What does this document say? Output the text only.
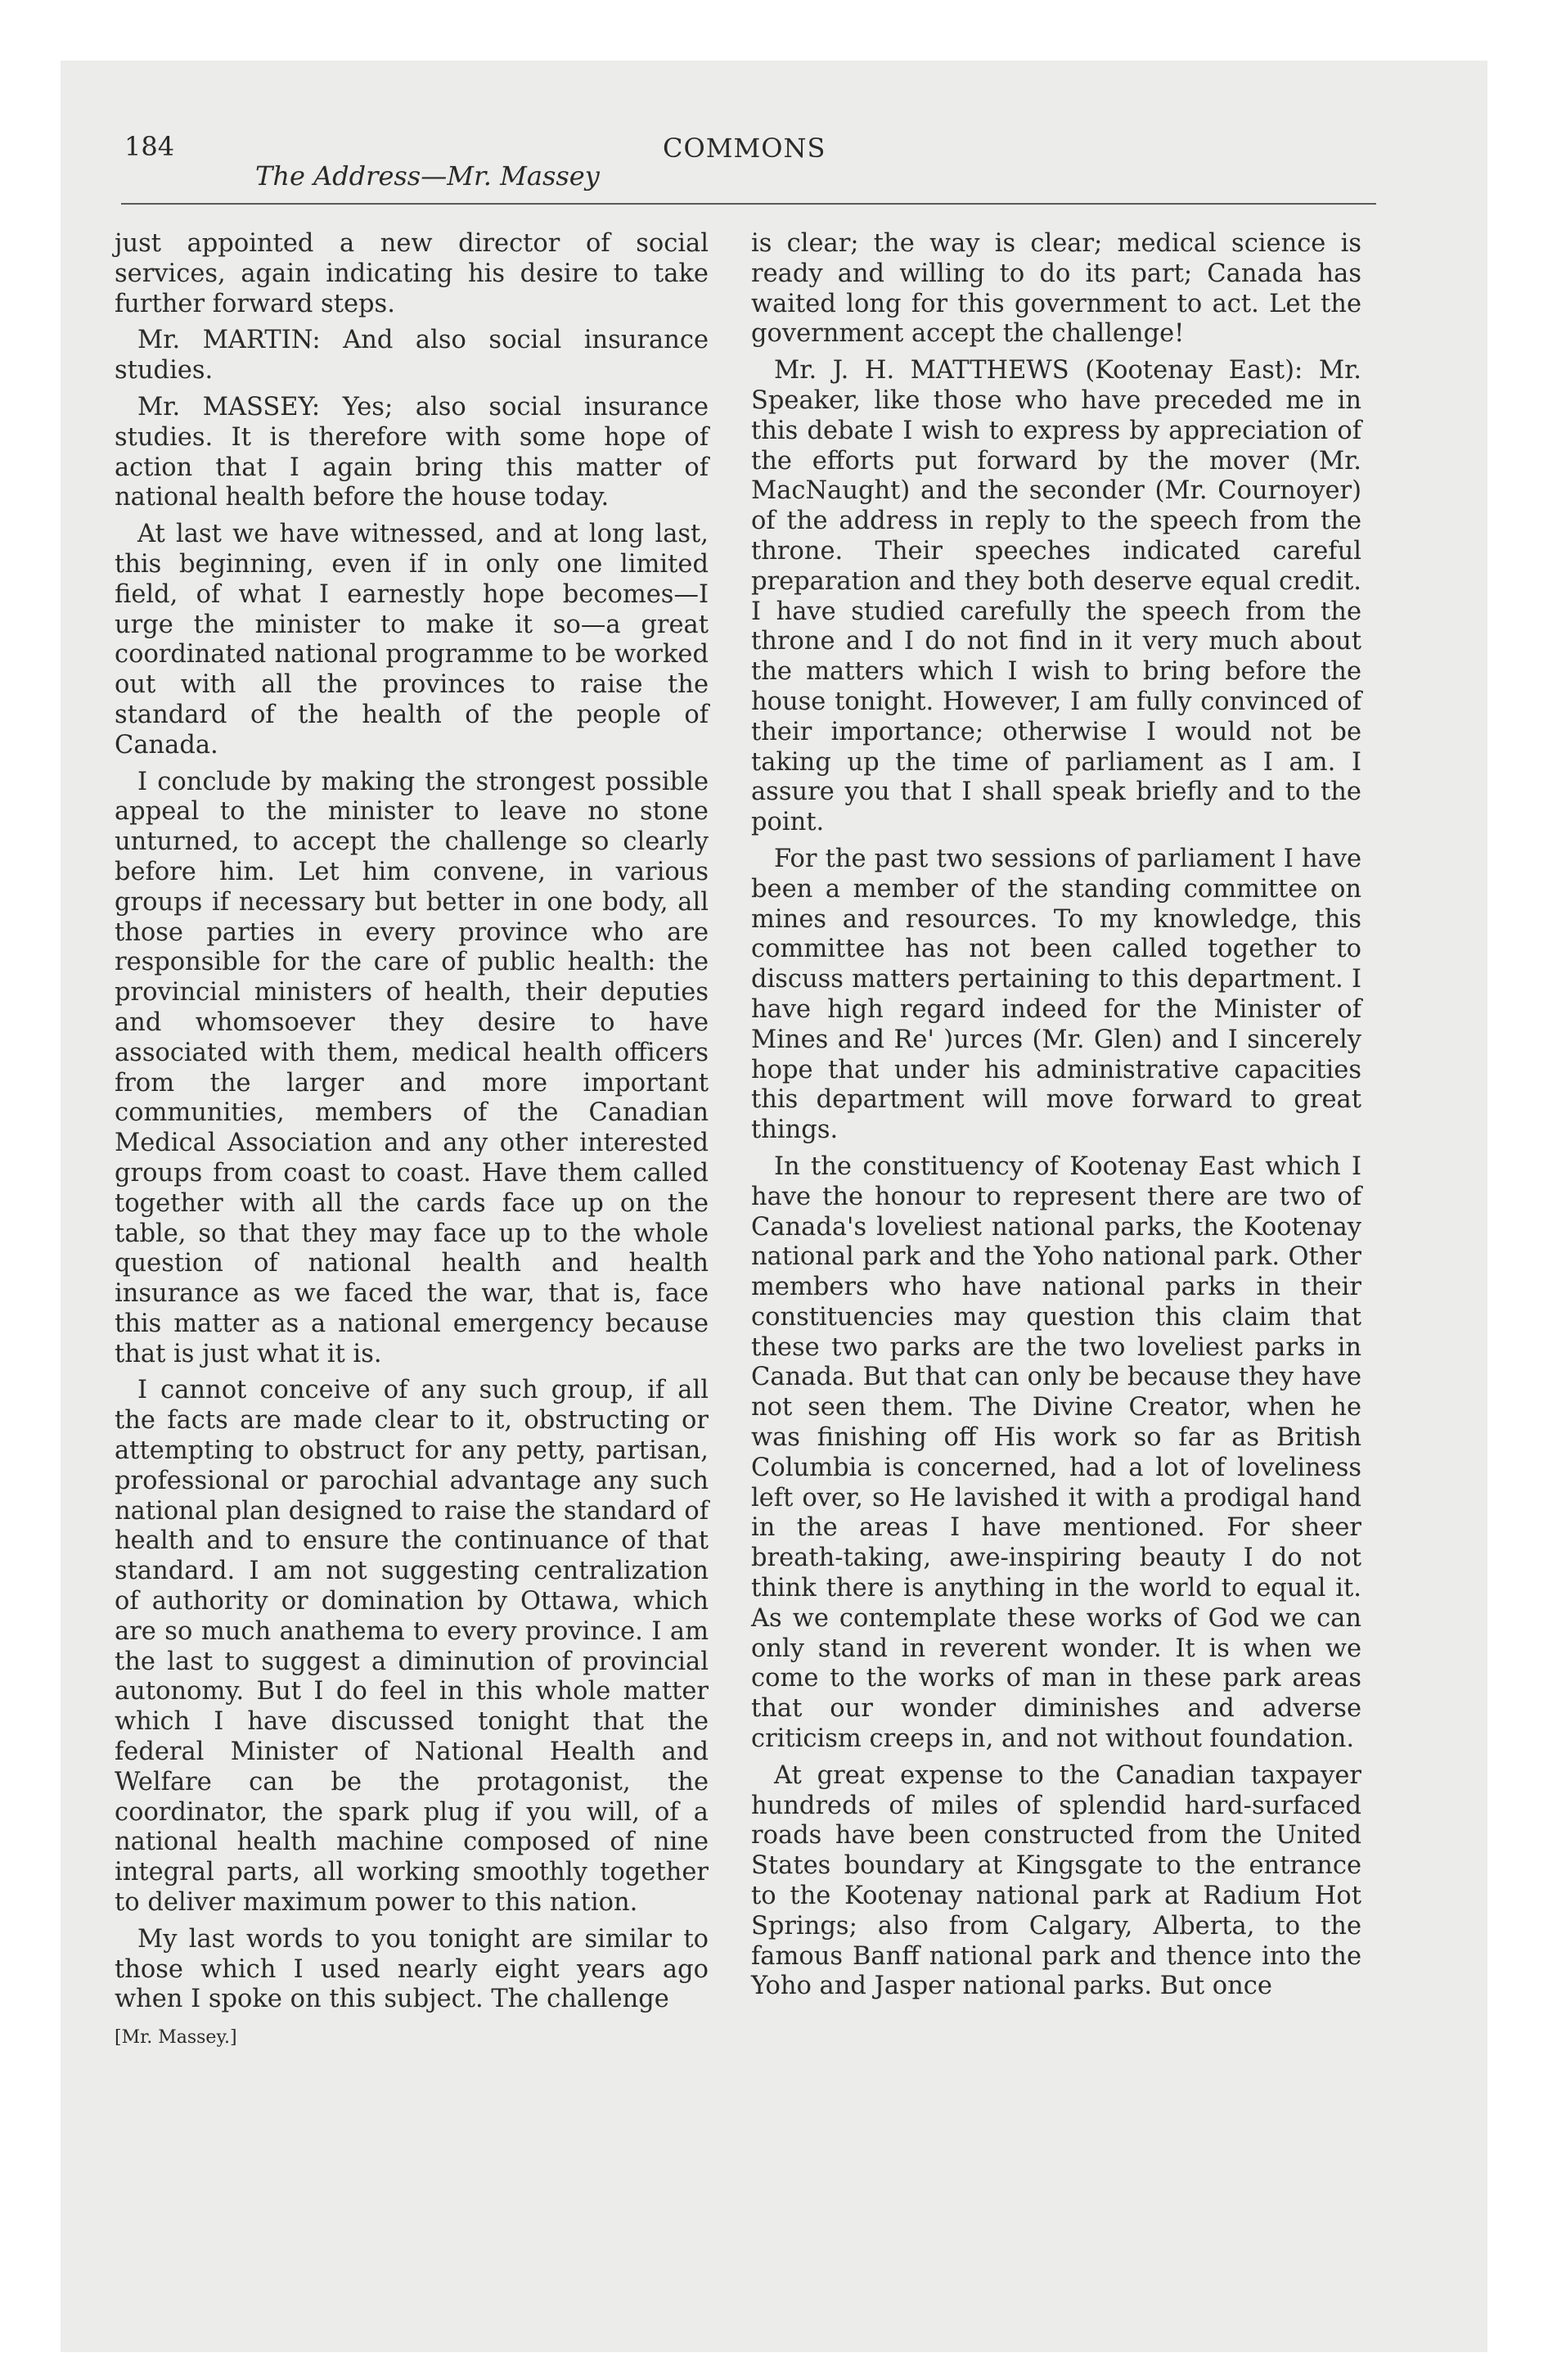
184	COMMONS
The Address—Mr. Massey

just appointed a new director of social services, again indicating his desire to take further forward steps.

Mr. MARTIN: And also social insurance studies.

Mr. MASSEY: Yes; also social insurance studies. It is therefore with some hope of action that I again bring this matter of national health before the house today.

At last we have witnessed, and at long last, this beginning, even if in only one limited field, of what I earnestly hope becomes—I urge the minister to make it so—a great coordinated national programme to be worked out with all the provinces to raise the standard of the health of the people of Canada.

I conclude by making the strongest possible appeal to the minister to leave no stone unturned, to accept the challenge so clearly before him. Let him convene, in various groups if necessary but better in one body, all those parties in every province who are responsible for the care of public health: the provincial ministers of health, their deputies and whomsoever they desire to have associated with them, medical health officers from the larger and more important communities, members of the Canadian Medical Association and any other interested groups from coast to coast. Have them called together with all the cards face up on the table, so that they may face up to the whole question of national health and health insurance as we faced the war, that is, face this matter as a national emergency because that is just what it is.

I cannot conceive of any such group, if all the facts are made clear to it, obstructing or attempting to obstruct for any petty, partisan, professional or parochial advantage any such national plan designed to raise the standard of health and to ensure the continuance of that standard. I am not suggesting centralization of authority or domination by Ottawa, which are so much anathema to every province. I am the last to suggest a diminution of provincial autonomy. But I do feel in this whole matter which I have discussed tonight that the federal Minister of National Health and Welfare can be the protagonist, the coordinator, the spark plug if you will, of a national health machine composed of nine integral parts, all working smoothly together to deliver maximum power to this nation.

My last words to you tonight are similar to those which I used nearly eight years ago when I spoke on this subject. The challenge

[Mr. Massey.]

is clear; the way is clear; medical science is ready and willing to do its part; Canada has waited long for this government to act. Let the government accept the challenge!

Mr. J. H. MATTHEWS (Kootenay East): Mr. Speaker, like those who have preceded me in this debate I wish to express by appreciation of the efforts put forward by the mover (Mr. MacNaught) and the seconder (Mr. Cournoyer) of the address in reply to the speech from the throne. Their speeches indicated careful preparation and they both deserve equal credit. I have studied carefully the speech from the throne and I do not find in it very much about the matters which I wish to bring before the house tonight. However, I am fully convinced of their importance; otherwise I would not be taking up the time of parliament as I am. I assure you that I shall speak briefly and to the point.

For the past two sessions of parliament I have been a member of the standing committee on mines and resources. To my knowledge, this committee has not been called together to discuss matters pertaining to this department. I have high regard indeed for the Minister of Mines and Re' )urces (Mr. Glen) and I sincerely hope that under his administrative capacities this department will move forward to great things.

In the constituency of Kootenay East which I have the honour to represent there are two of Canada's loveliest national parks, the Kootenay national park and the Yoho national park. Other members who have national parks in their constituencies may question this claim that these two parks are the two loveliest parks in Canada. But that can only be because they have not seen them. The Divine Creator, when he was finishing off His work so far as British Columbia is concerned, had a lot of loveliness left over, so He lavished it with a prodigal hand in the areas I have mentioned. For sheer breath-taking, awe-inspiring beauty I do not think there is anything in the world to equal it. As we contemplate these works of God we can only stand in reverent wonder. It is when we come to the works of man in these park areas that our wonder diminishes and adverse criticism creeps in, and not without foundation.

At great expense to the Canadian taxpayer hundreds of miles of splendid hard-surfaced roads have been constructed from the United States boundary at Kingsgate to the entrance to the Kootenay national park at Radium Hot Springs; also from Calgary, Alberta, to the famous Banff national park and thence into the Yoho and Jasper national parks. But once
